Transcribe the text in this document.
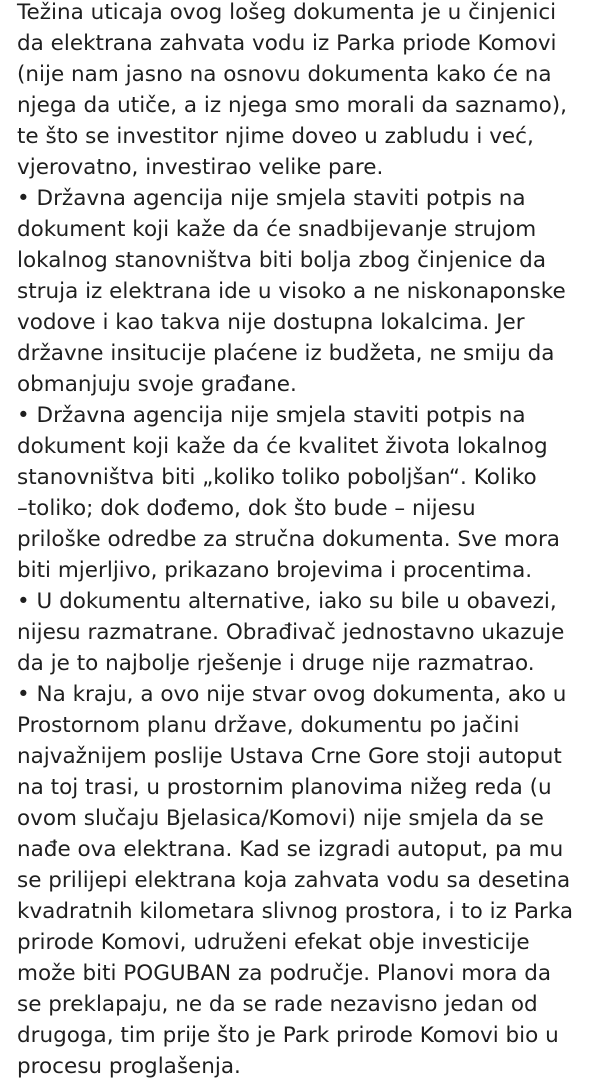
Težina uticaja ovog lošeg dokumenta je u činjenici
da elektrana zahvata vodu iz Parka priode Komovi
(nije nam jasno na osnovu dokumenta kako će na
njega da utiče, a iz njega smo morali da saznamo),
te što se investitor njime doveo u zabludu i već,
vjerovatno, investirao velike pare.
• Državna agencija nije smjela staviti potpis na
dokument koji kaže da će snadbijevanje strujom
lokalnog stanovništva biti bolja zbog činjenice da
struja iz elektrana ide u visoko a ne niskonaponske
vodove i kao takva nije dostupna lokalcima. Jer
državne insitucije plaćene iz budžeta, ne smiju da
obmanjuju svoje građane.
• Državna agencija nije smjela staviti potpis na
dokument koji kaže da će kvalitet života lokalnog
stanovništva biti „koliko toliko poboljšan“. Koliko
–toliko; dok dođemo, dok što bude – nijesu
priloške odredbe za stručna dokumenta. Sve mora
biti mjerljivo, prikazano brojevima i procentima.
• U dokumentu alternative, iako su bile u obavezi,
nijesu razmatrane. Obrađivač jednostavno ukazuje
da je to najbolje rješenje i druge nije razmatrao.
• Na kraju, a ovo nije stvar ovog dokumenta, ako u
Prostornom planu države, dokumentu po jačini
najvažnijem poslije Ustava Crne Gore stoji autoput
na toj trasi, u prostornim planovima nižeg reda (u
ovom slučaju Bjelasica/Komovi) nije smjela da se
nađe ova elektrana. Kad se izgradi autoput, pa mu
se prilijepi elektrana koja zahvata vodu sa desetina
kvadratnih kilometara slivnog prostora, i to iz Parka
prirode Komovi, udruženi efekat obje investicije
može biti POGUBAN za područje. Planovi mora da
se preklapaju, ne da se rade nezavisno jedan od
drugoga, tim prije što je Park prirode Komovi bio u
procesu proglašenja.
